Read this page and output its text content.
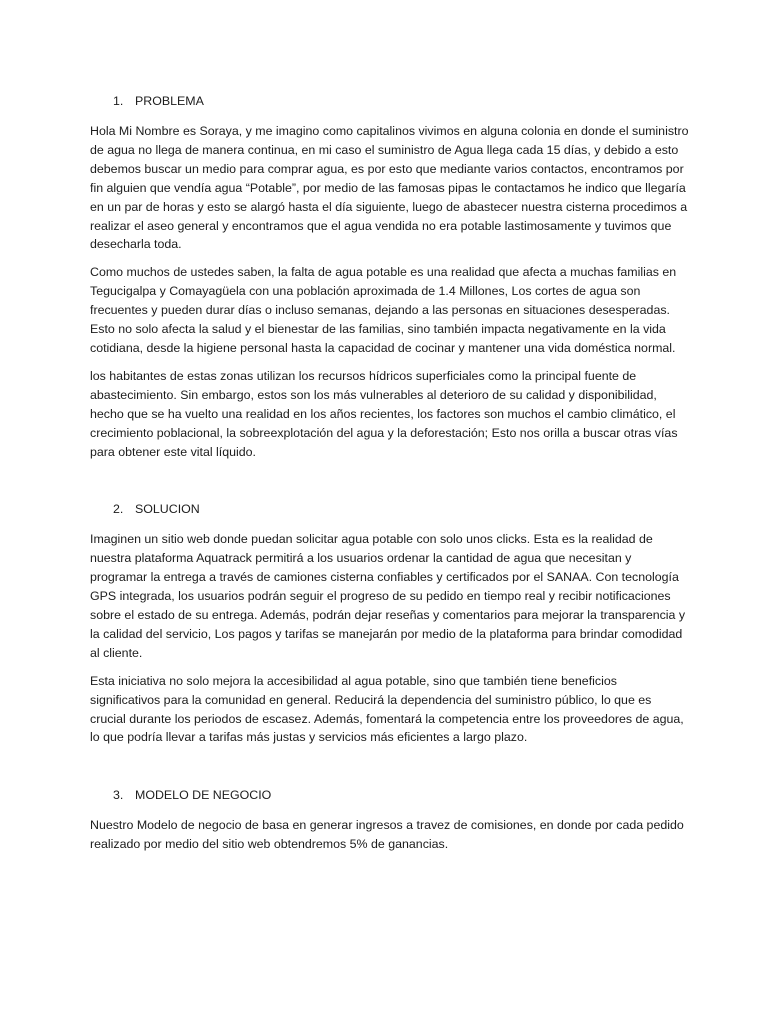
1. PROBLEMA

Hola Mi Nombre es Soraya, y me imagino como capitalinos vivimos en alguna colonia en donde el suministro de agua no llega de manera continua, en mi caso el suministro de Agua llega cada 15 días, y debido a esto debemos buscar un medio para comprar agua, es por esto que mediante varios contactos, encontramos por fin alguien que vendía agua “Potable”, por medio de las famosas pipas le contactamos he indico que llegaría en un par de horas y esto se alargó hasta el día siguiente, luego de abastecer nuestra cisterna procedimos a realizar el aseo general y encontramos que el agua vendida no era potable lastimosamente y tuvimos que desecharla toda.

Como muchos de ustedes saben, la falta de agua potable es una realidad que afecta a muchas familias en Tegucigalpa y Comayagüela con una población aproximada de 1.4 Millones, Los cortes de agua son frecuentes y pueden durar días o incluso semanas, dejando a las personas en situaciones desesperadas. Esto no solo afecta la salud y el bienestar de las familias, sino también impacta negativamente en la vida cotidiana, desde la higiene personal hasta la capacidad de cocinar y mantener una vida doméstica normal.

los habitantes de estas zonas utilizan los recursos hídricos superficiales como la principal fuente de abastecimiento. Sin embargo, estos son los más vulnerables al deterioro de su calidad y disponibilidad, hecho que se ha vuelto una realidad en los años recientes, los factores son muchos el cambio climático, el crecimiento poblacional, la sobreexplotación del agua y la deforestación; Esto nos orilla a buscar otras vías para obtener este vital líquido.

2. SOLUCION

Imaginen un sitio web donde puedan solicitar agua potable con solo unos clicks. Esta es la realidad de nuestra plataforma Aquatrack permitirá a los usuarios ordenar la cantidad de agua que necesitan y programar la entrega a través de camiones cisterna confiables y certificados por el SANAA. Con tecnología GPS integrada, los usuarios podrán seguir el progreso de su pedido en tiempo real y recibir notificaciones sobre el estado de su entrega. Además, podrán dejar reseñas y comentarios para mejorar la transparencia y la calidad del servicio, Los pagos y tarifas se manejarán por medio de la plataforma para brindar comodidad al cliente.

Esta iniciativa no solo mejora la accesibilidad al agua potable, sino que también tiene beneficios significativos para la comunidad en general. Reducirá la dependencia del suministro público, lo que es crucial durante los periodos de escasez. Además, fomentará la competencia entre los proveedores de agua, lo que podría llevar a tarifas más justas y servicios más eficientes a largo plazo.

3. MODELO DE NEGOCIO

Nuestro Modelo de negocio de basa en generar ingresos a travez de comisiones, en donde por cada pedido realizado por medio del sitio web obtendremos 5% de ganancias.
